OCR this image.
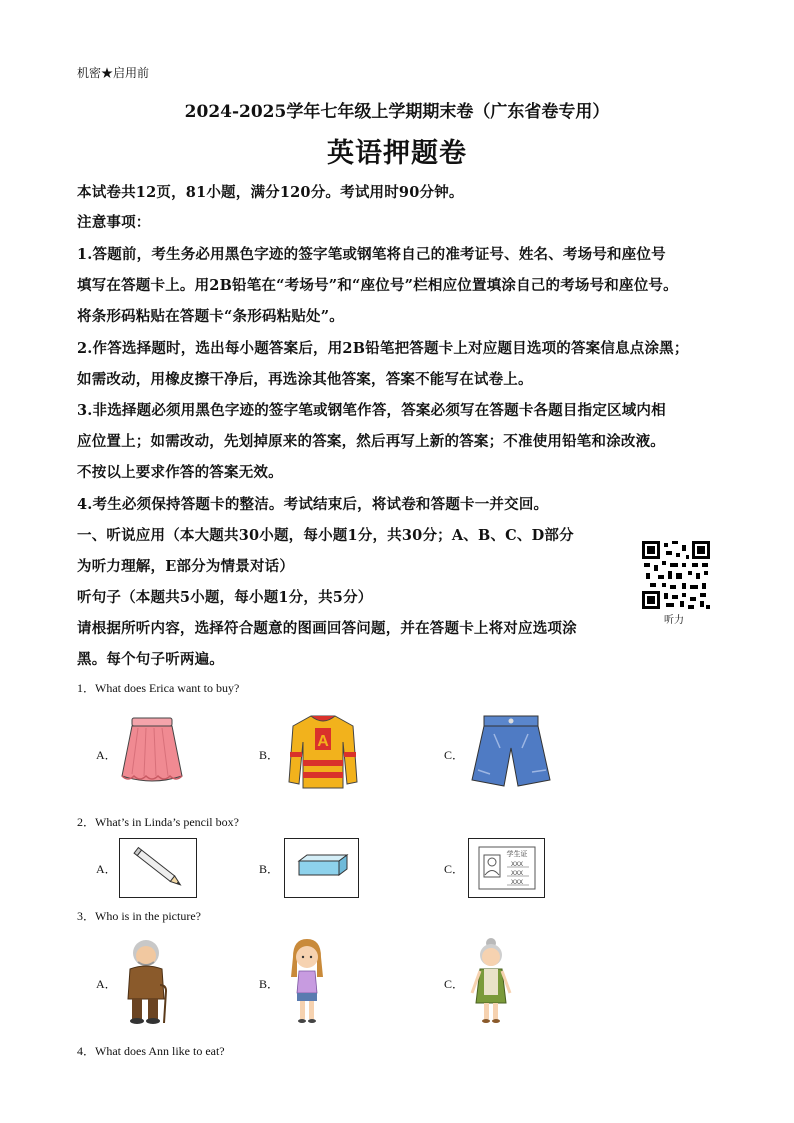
机密★启用前
2024-2025学年七年级上学期期末卷（广东省卷专用）
英语押题卷
本试卷共12页，81小题，满分120分。考试用时90分钟。
注意事项：
1.答题前，考生务必用黑色字迹的签字笔或钢笔将自己的准考证号、姓名、考场号和座位号
填写在答题卡上。用2B铅笔在“考场号”和“座位号”栏相应位置填涂自己的考场号和座位号。
将条形码粘贴在答题卡“条形码粘贴处”。
2.作答选择题时，选出每小题答案后，用2B铅笔把答题卡上对应题目选项的答案信息点涂黑；
如需改动，用橡皮擦干净后，再选涂其他答案，答案不能写在试卷上。
3.非选择题必须用黑色字迹的签字笔或钢笔作答，答案必须写在答题卡各题目指定区域内相
应位置上；如需改动，先划掉原来的答案，然后再写上新的答案；不准使用铅笔和涂改液。
不按以上要求作答的答案无效。
4.考生必须保持答题卡的整洁。考试结束后，将试卷和答题卡一并交回。
一、听说应用（本大题共30小题，每小题1分，共30分；A、B、C、D部分
为听力理解，E部分为情景对话）
听句子（本题共5小题，每小题1分，共5分）
请根据所听内容，选择符合题意的图画回答问题，并在答题卡上将对应选项涂
黑。每个句子听两遍。
听力
1．What does Erica want to buy?
A．	B．
A
C．
2．What’s in Linda’s pencil box?
A．	B．	C．
学生证
XXX
XXX
XXX
3．Who is in the picture?
A．	B．	C．
4．What does Ann like to eat?
